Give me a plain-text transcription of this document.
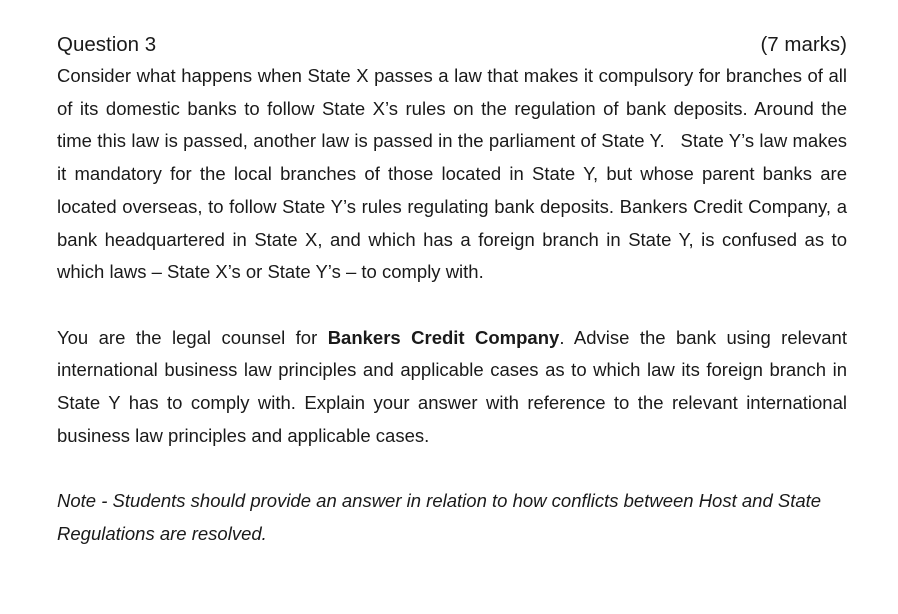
Question 3	(7 marks)

Consider what happens when State X passes a law that makes it compulsory for branches of all of its domestic banks to follow State X’s rules on the regulation of bank deposits. Around the time this law is passed, another law is passed in the parliament of State Y.   State Y’s law makes it mandatory for the local branches of those located in State Y, but whose parent banks are located overseas, to follow State Y’s rules regulating bank deposits. Bankers Credit Company, a bank headquartered in State X, and which has a foreign branch in State Y, is confused as to which laws – State X’s or State Y’s – to comply with.

You are the legal counsel for Bankers Credit Company. Advise the bank using relevant international business law principles and applicable cases as to which law its foreign branch in State Y has to comply with. Explain your answer with reference to the relevant international business law principles and applicable cases.

Note - Students should provide an answer in relation to how conflicts between Host and State Regulations are resolved.
